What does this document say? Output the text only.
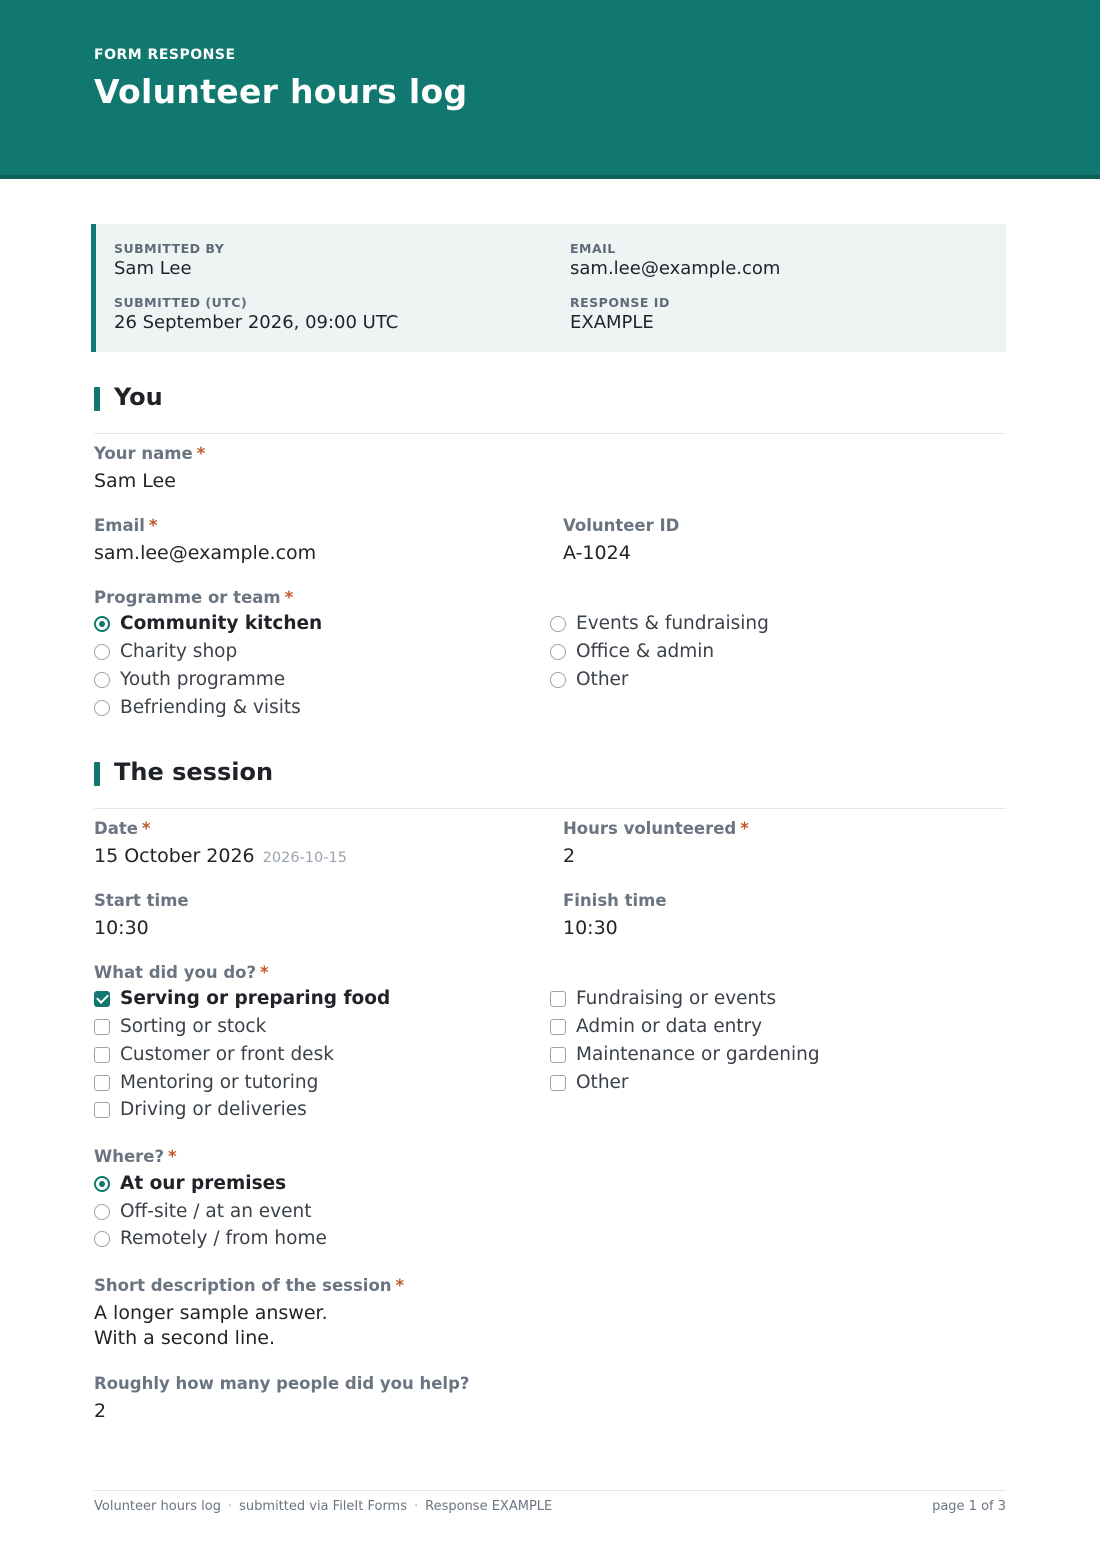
FORM RESPONSE
Volunteer hours log
SUBMITTED BY
Sam Lee
EMAIL
sam.lee@example.com
SUBMITTED (UTC)
26 September 2026, 09:00 UTC
RESPONSE ID
EXAMPLE
You
Your name *
Sam Lee
Email *
sam.lee@example.com
Volunteer ID
A-1024
Programme or team *
Community kitchen
Charity shop
Youth programme
Befriending & visits
Events & fundraising
Office & admin
Other
The session
Date *
15 October 2026 2026-10-15
Hours volunteered *
2
Start time
10:30
Finish time
10:30
What did you do? *
Serving or preparing food
Sorting or stock
Customer or front desk
Mentoring or tutoring
Driving or deliveries
Fundraising or events
Admin or data entry
Maintenance or gardening
Other
Where? *
At our premises
Off-site / at an event
Remotely / from home
Short description of the session *
A longer sample answer.
With a second line.
Roughly how many people did you help?
2
Volunteer hours log · submitted via FileIt Forms · Response EXAMPLE	page 1 of 3
